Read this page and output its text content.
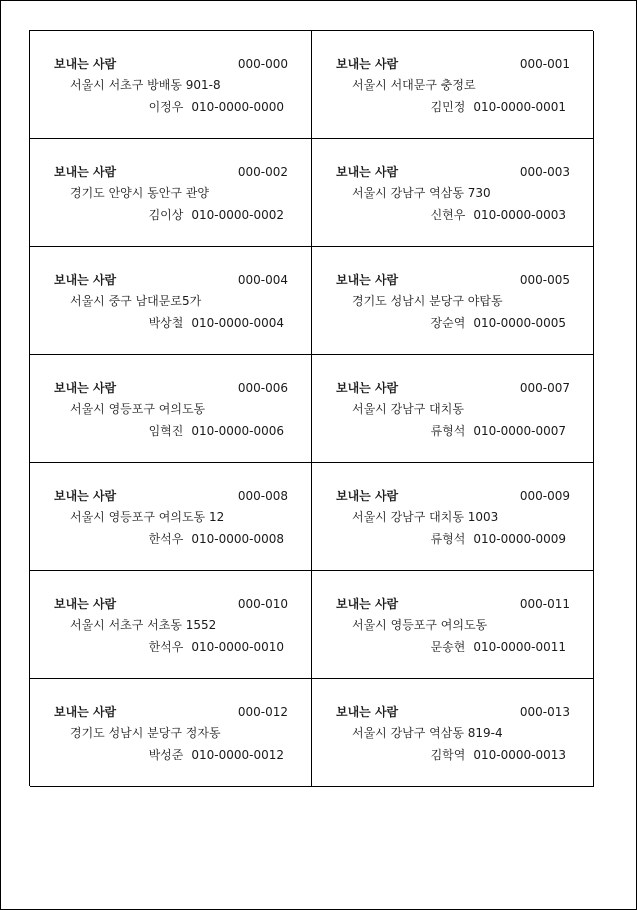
보내는 사람	000-000
서울시 서초구 방배동 901-8
이정우 010-0000-0000
보내는 사람	000-001
서울시 서대문구 충정로
김민정 010-0000-0001
보내는 사람	000-002
경기도 안양시 동안구 관양
김이상 010-0000-0002
보내는 사람	000-003
서울시 강남구 역삼동 730
신현우 010-0000-0003
보내는 사람	000-004
서울시 중구 남대문로5가
박상철 010-0000-0004
보내는 사람	000-005
경기도 성남시 분당구 야탑동
장순역 010-0000-0005
보내는 사람	000-006
서울시 영등포구 여의도동
임혁진 010-0000-0006
보내는 사람	000-007
서울시 강남구 대치동
류형석 010-0000-0007
보내는 사람	000-008
서울시 영등포구 여의도동 12
한석우 010-0000-0008
보내는 사람	000-009
서울시 강남구 대치동 1003
류형석 010-0000-0009
보내는 사람	000-010
서울시 서초구 서초동 1552
한석우 010-0000-0010
보내는 사람	000-011
서울시 영등포구 여의도동
문송현 010-0000-0011
보내는 사람	000-012
경기도 성남시 분당구 정자동
박성준 010-0000-0012
보내는 사람	000-013
서울시 강남구 역삼동 819-4
김학역 010-0000-0013
